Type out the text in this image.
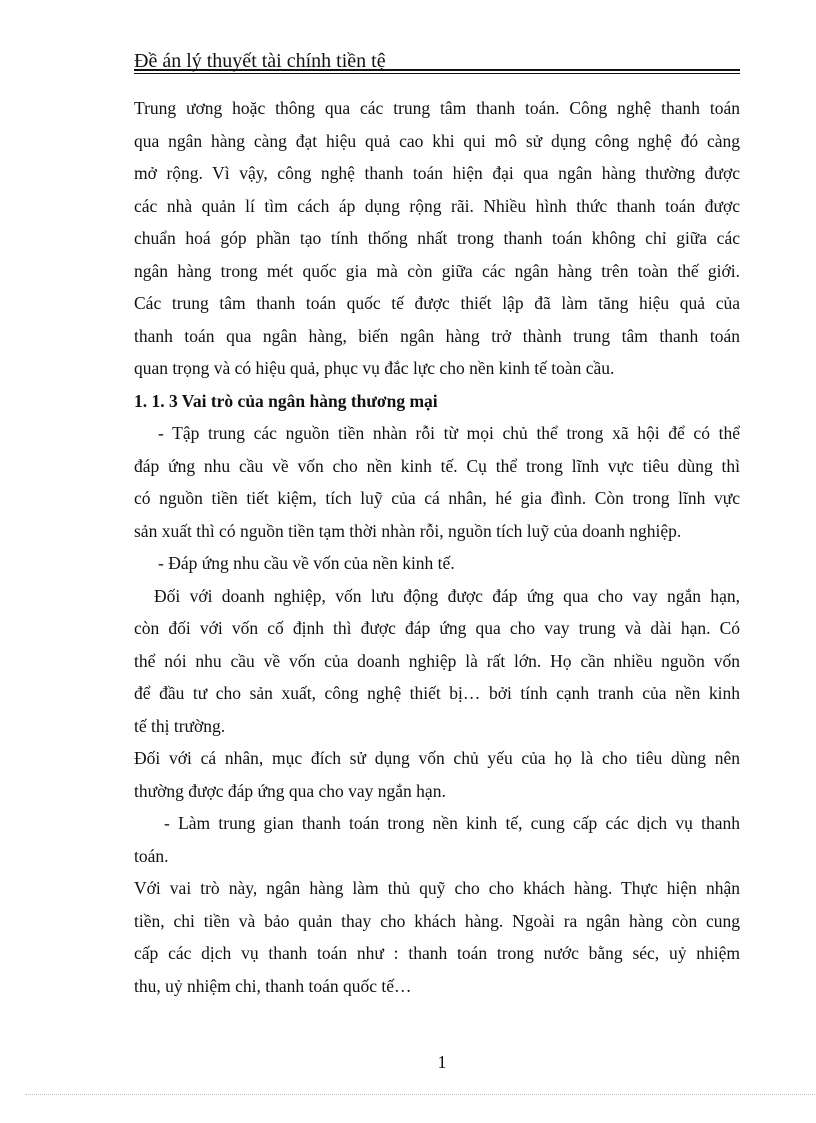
Đề án lý thuyết tài chính tiền tệ
Trung ương hoặc thông qua các trung tâm thanh toán. Công nghệ thanh toán
qua ngân hàng càng đạt hiệu quả cao khi qui mô sử dụng công nghệ đó càng
mở rộng. Vì vậy, công nghệ thanh toán hiện đại qua ngân hàng thường được
các nhà quản lí tìm cách áp dụng rộng rãi. Nhiều hình thức thanh toán được
chuẩn hoá góp phần tạo tính thống nhất trong thanh toán không chỉ giữa các
ngân hàng trong mét quốc gia mà còn giữa các ngân hàng trên toàn thế giới.
Các trung tâm thanh toán quốc tế được thiết lập đã làm tăng hiệu quả của
thanh toán qua ngân hàng, biến ngân hàng trở thành trung tâm thanh toán
quan trọng và có hiệu quả, phục vụ đắc lực cho nền kinh tế toàn cầu.
1. 1. 3 Vai trò của ngân hàng thương mại
- Tập trung các nguồn tiền nhàn rỗi từ mọi chủ thể trong xã hội để có thể
đáp ứng nhu cầu về vốn cho nền kinh tế. Cụ thể trong lĩnh vực tiêu dùng thì
có nguồn tiền tiết kiệm, tích luỹ của cá nhân, hé gia đình. Còn trong lĩnh vực
sản xuất thì có nguồn tiền tạm thời nhàn rỗi, nguồn tích luỹ của doanh nghiệp.
- Đáp ứng nhu cầu về vốn của nền kinh tế.
Đối với doanh nghiệp, vốn lưu động được đáp ứng qua cho vay ngắn hạn,
còn đối với vốn cố định thì được đáp ứng qua cho vay trung và dài hạn. Có
thể nói nhu cầu về vốn của doanh nghiệp là rất lớn. Họ cần nhiều nguồn vốn
để đầu tư cho sản xuất, công nghệ thiết bị… bởi tính cạnh tranh của nền kinh
tế thị trường.
Đối với cá nhân, mục đích sử dụng vốn chủ yếu của họ là cho tiêu dùng nên
thường được đáp ứng qua cho vay ngắn hạn.
- Làm trung gian thanh toán trong nền kinh tế, cung cấp các dịch vụ thanh
toán.
Với vai trò này, ngân hàng làm thủ quỹ cho cho khách hàng. Thực hiện nhận
tiền, chi tiền và bảo quản thay cho khách hàng. Ngoài ra ngân hàng còn cung
cấp các dịch vụ thanh toán như : thanh toán trong nước bằng séc, uỷ nhiệm
thu, uỷ nhiệm chi, thanh toán quốc tế…
1
